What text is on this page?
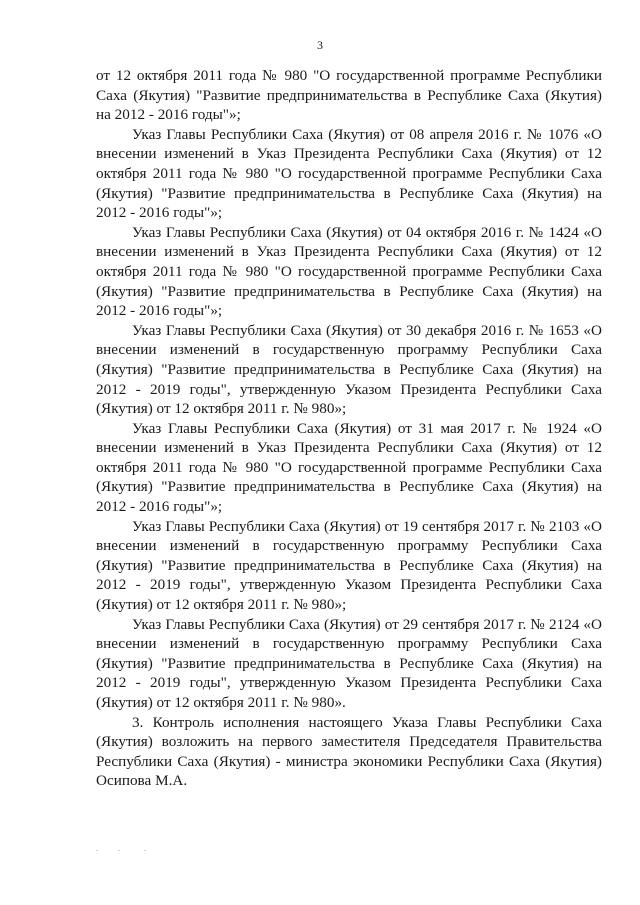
3

от 12 октября 2011 года № 980 "О государственной программе Республики Саха (Якутия) "Развитие предпринимательства в Республике Саха (Якутия) на 2012 - 2016 годы"»;

Указ Главы Республики Саха (Якутия) от 08 апреля 2016 г. № 1076 «О внесении изменений в Указ Президента Республики Саха (Якутия) от 12 октября 2011 года № 980 "О государственной программе Республики Саха (Якутия) "Развитие предпринимательства в Республике Саха (Якутия) на 2012 - 2016 годы"»;

Указ Главы Республики Саха (Якутия) от 04 октября 2016 г. № 1424 «О внесении изменений в Указ Президента Республики Саха (Якутия) от 12 октября 2011 года № 980 "О государственной программе Республики Саха (Якутия) "Развитие предпринимательства в Республике Саха (Якутия) на 2012 - 2016 годы"»;

Указ Главы Республики Саха (Якутия) от 30 декабря 2016 г. № 1653 «О внесении изменений в государственную программу Республики Саха (Якутия) "Развитие предпринимательства в Республике Саха (Якутия) на 2012 - 2019 годы", утвержденную Указом Президента Республики Саха (Якутия) от 12 октября 2011 г. № 980»;

Указ Главы Республики Саха (Якутия) от 31 мая 2017 г. № 1924 «О внесении изменений в Указ Президента Республики Саха (Якутия) от 12 октября 2011 года № 980 "О государственной программе Республики Саха (Якутия) "Развитие предпринимательства в Республике Саха (Якутия) на 2012 - 2016 годы"»;

Указ Главы Республики Саха (Якутия) от 19 сентября 2017 г. № 2103 «О внесении изменений в государственную программу Республики Саха (Якутия) "Развитие предпринимательства в Республике Саха (Якутия) на 2012 - 2019 годы", утвержденную Указом Президента Республики Саха (Якутия) от 12 октября 2011 г. № 980»;

Указ Главы Республики Саха (Якутия) от 29 сентября 2017 г. № 2124 «О внесении изменений в государственную программу Республики Саха (Якутия) "Развитие предпринимательства в Республике Саха (Якутия) на 2012 - 2019 годы", утвержденную Указом Президента Республики Саха (Якутия) от 12 октября 2011 г. № 980».

3. Контроль исполнения настоящего Указа Главы Республики Саха (Якутия) возложить на первого заместителя Председателя Правительства Республики Саха (Якутия) - министра экономики Республики Саха (Якутия) Осипова М.А.
